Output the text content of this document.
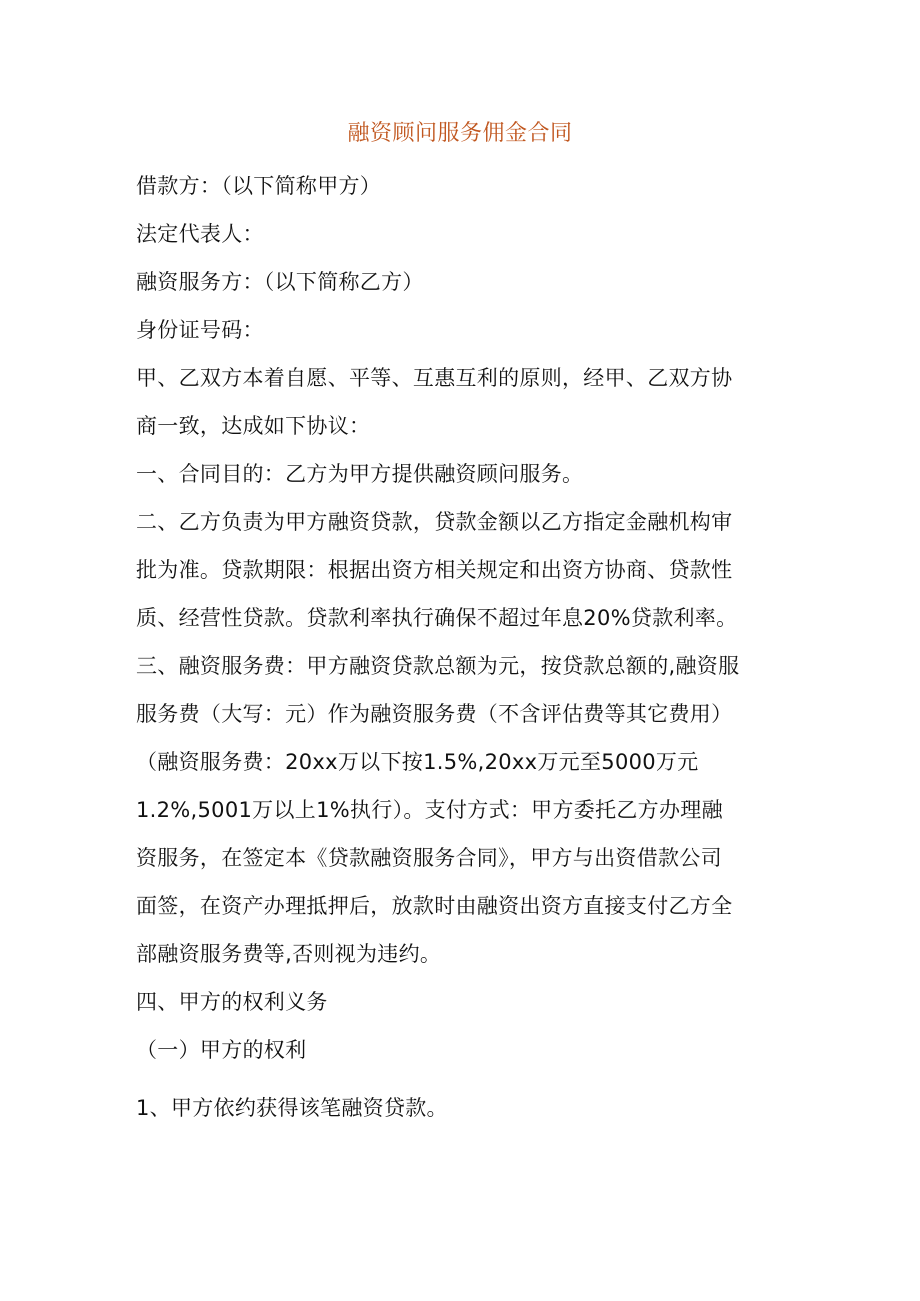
融资顾问服务佣金合同
借款方：（以下简称甲方）
法定代表人：
融资服务方：（以下简称乙方）
身份证号码：
甲、乙双方本着自愿、平等、互惠互利的原则，经甲、乙双方协
商一致，达成如下协议：
一、合同目的：乙方为甲方提供融资顾问服务。
二、乙方负责为甲方融资贷款，贷款金额以乙方指定金融机构审
批为准。贷款期限：根据出资方相关规定和出资方协商、贷款性
质、经营性贷款。贷款利率执行确保不超过年息20%贷款利率。
三、融资服务费：甲方融资贷款总额为元，按贷款总额的,融资服
服务费（大写：元）作为融资服务费（不含评估费等其它费用）
（融资服务费：20xx万以下按1.5%,20xx万元至5000万元
1.2%,5001万以上1%执行）。支付方式：甲方委托乙方办理融
资服务，在签定本《贷款融资服务合同》，甲方与出资借款公司
面签，在资产办理抵押后，放款时由融资出资方直接支付乙方全
部融资服务费等,否则视为违约。
四、甲方的权利义务
（一）甲方的权利
1、甲方依约获得该笔融资贷款。
